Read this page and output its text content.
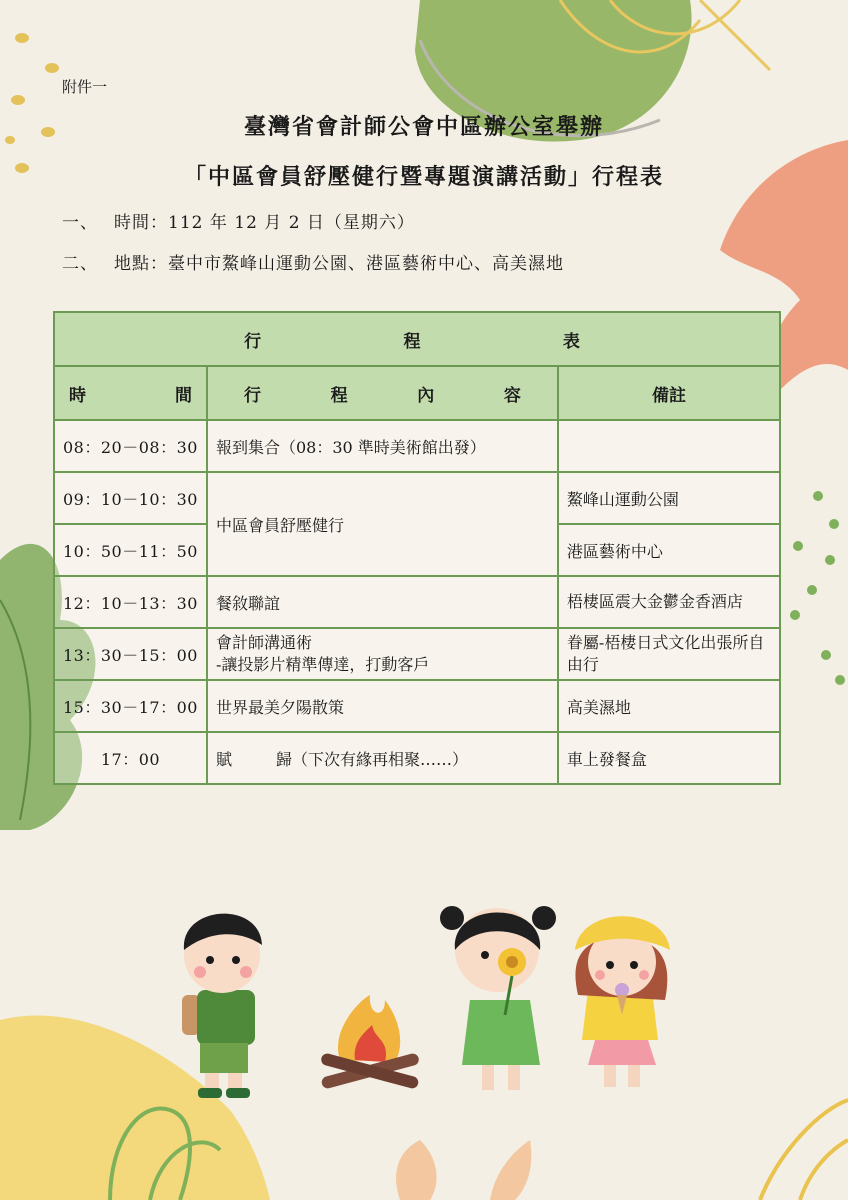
附件一
臺灣省會計師公會中區辦公室舉辦
「中區會員舒壓健行暨專題演講活動」行程表
一、 時間：112 年 12 月 2 日（星期六）
二、 地點：臺中市鰲峰山運動公園、港區藝術中心、高美濕地
行 程 表		

時 間	行 程 內 容	備註
08：20－08：30	報到集合（08：30 準時美術館出發）	
09：10－10：30	中區會員舒壓健行	鰲峰山運動公園
10：50－11：50		港區藝術中心
12：10－13：30	餐敘聯誼	梧棲區震大金鬱金香酒店
13：30－15：00	會計師溝通術
-讓投影片精準傳達，打動客戶	眷屬-梧棲日式文化出張所自由行
15：30－17：00	世界最美夕陽散策	高美濕地
17：00	賦 歸（下次有緣再相聚……）	車上發餐盒
